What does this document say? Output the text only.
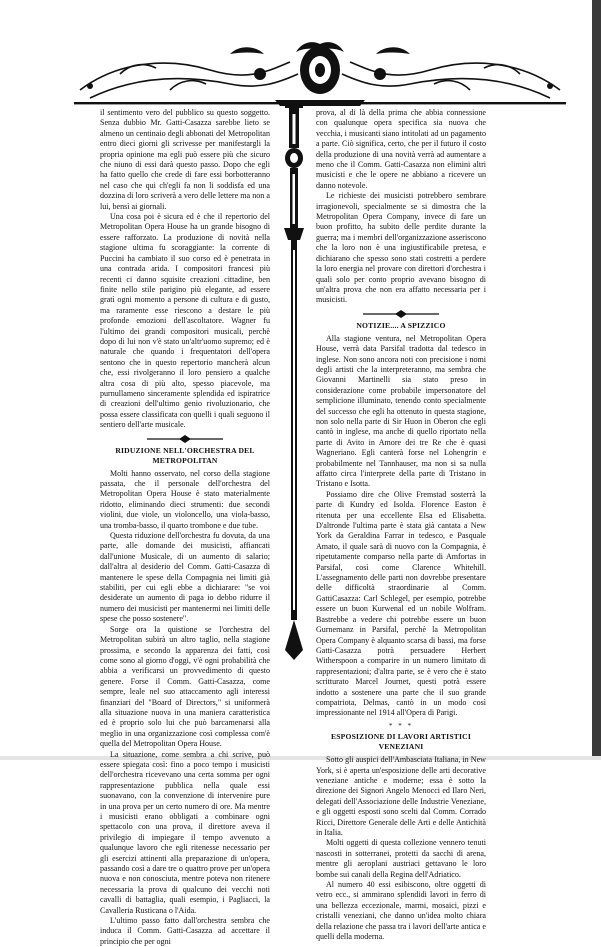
il sentimento vero del pubblico su questo soggetto. Senza dubbio Mr. Gatti-Casazza sarebbe lieto se almeno un centinaio degli abbonati del Metropolitan entro dieci giorni gli scrivesse per manifestargli la propria opinione ma egli può essere più che sicuro che niuno di essi darà questo passo. Dopo che egli ha fatto quello che crede di fare essi borbotteranno nel caso che qui ch'egli fa non li soddisfa ed una dozzina di loro scriverà a vero delle lettere ma non a lui, bensì ai giornali.

Una cosa poi è sicura ed è che il repertorio del Metropolitan Opera House ha un grande bisogno di essere rafforzato. La produzione di novità nella stagione ultima fu scoraggiante: la corrente di Puccini ha cambiato il suo corso ed è penetrata in una contrada arida. I compositori francesi più recenti ci danno squisite creazioni cittadine, ben finite nello stile parigino più elegante, ad essere gratì ogni momento a persone di cultura e di gusto, ma raramente esse riescono a destare le più profonde emozioni dell'ascoltatore. Wagner fu l'ultimo dei grandi compositori musicali, perchè dopo di lui non v'è stato un'altr'uomo supremo; ed è naturale che quando i frequentatori dell'opera sentono che in questo repertorio mancherà alcun che, essi rivolgeranno il loro pensiero a qualche altra cosa di più alto, spesso piacevole, ma purnullameno sinceramente splendida ed ispiratrice di creazioni dell'ultimo genio rivoluzionario, che possa essere classificata con quelli i quali seguono il sentiero dell'arte musicale.

RIDUZIONE NELL'ORCHESTRA DEL METROPOLITAN

Molti hanno osservato, nel corso della stagione passata, che il personale dell'orchestra del Metropolitan Opera House è stato materialmente ridotto, eliminando dieci strumenti: due secondi violini, due viole, un violoncello, una viola-basso, una tromba-basso, il quarto trombone e due tube.

Questa riduzione dell'orchestra fu dovuta, da una parte, alle domande dei musicisti, affiancati dall'unione Musicale, di un aumento di salario; dall'altra al desiderio del Comm. Gatti-Casazza di mantenere le spese della Compagnia nei limiti già stabiliti, per cui egli ebbe a dichiarare: "se voi desiderate un aumento di paga io debbo ridurre il numero dei musicisti per mantenermi nei limiti delle spese che posso sostenere".

Sorge ora la quistione se l'orchestra del Metropolitan subirà un altro taglio, nella stagione prossima, e secondo la apparenza dei fatti, così come sono al giorno d'oggi, v'è ogni probabilità che abbia a verificarsi un provvedimento di questo genere. Forse il Comm. Gatti-Casazza, come sempre, leale nel suo attaccamento agli interessi finanziari del "Board of Directors," si uniformerà alla situazione nuova in una maniera caratteristica ed è proprio solo lui che può barcamenarsi alla meglio in una organizzazione così complessa com'è quella del Metropolitan Opera House.

La situazione, come sembra a chi scrive, può essere spiegata così: fino a poco tempo i musicisti dell'orchestra ricevevano una certa somma per ogni rappresentazione pubblica nella quale essi suonavano, con la convenzione di intervenire pure in una prova per un certo numero di ore. Ma mentre i musicisti erano obbligati a combinare ogni spettacolo con una prova, il direttore aveva il privilegio di impiegare il tempo avvenuto a qualunque lavoro che egli ritenesse necessario per gli esercizi attinenti alla preparazione di un'opera, passando così a dare tre o quattro prove per un'opera nuova e non conosciuta, mentre poteva non ritenere necessaria la prova di qualcuno dei vecchi noti cavalli di battaglia, quali esempio, i Pagliacci, la Cavalleria Rusticana o l'Aida.

L'ultimo passo fatto dall'orchestra sembra che induca il Comm. Gatti-Casazza ad accettare il principio che per ogni

prova, al di là della prima che abbia connessione con qualunque opera specifica sia nuova che vecchia, i musicanti siano intitolati ad un pagamento a parte. Ciò significa, certo, che per il futuro il costo della produzione di una novità verrà ad aumentare a meno che il Comm. Gatti-Casazza non elimini altri musicisti e che le opere ne abbiano a ricevere un danno notevole.

Le richieste dei musicisti potrebbero sembrare irragionevoli, specialmente se si dimostra che la Metropolitan Opera Company, invece di fare un buon profitto, ha subito delle perdite durante la guerra; ma i membri dell'organizzazione asseriscono che la loro non è una ingiustificabile pretesa, e dichiarano che spesso sono stati costretti a perdere la loro energia nel provare con direttori d'orchestra i quali solo per conto proprio avevano bisogno di un'altra prova che non era affatto necessaria per i musicisti.

NOTIZIE.... A SPIZZICO

Alla stagione ventura, nel Metropolitan Opera House, verrà data Parsifal tradotta dal tedesco in inglese. Non sono ancora noti con precisione i nomi degli artisti che la interpreteranno, ma sembra che Giovanni Martinelli sia stato preso in considerazione come probabile impersonatore del semplicione illuminato, tenendo conto specialmente del successo che egli ha ottenuto in questa stagione, non solo nella parte di Sir Huon in Oberon che egli cantò in inglese, ma anche di quello riportato nella parte di Avito in Amore dei tre Re che è quasi Wagneriano. Egli canterà forse nel Lohengrin e probabilmente nel Tannhauser, ma non si sa nulla affatto circa l'interprete della parte di Tristano in Tristano e Isotta.

Possiamo dire che Olive Fremstad sosterrà la parte di Kundry ed Isolda. Florence Easton è ritenuta per una eccellente Elsa ed Elisabetta. D'altronde l'ultima parte è stata già cantata a New York da Geraldina Farrar in tedesco, e Pasquale Amato, il quale sarà di nuovo con la Compagnia, è ripetutamente comparso nella parte di Amfortas in Parsifal, così come Clarence Whitehill. L'assegnamento delle parti non dovrebbe presentare delle difficoltà straordinarie al Comm. GattiCasazza: Carl Schlegel, per esempio, potrebbe essere un buon Kurwenal ed un nobile Wolfram. Bastrebbe a vedere chi potrebbe essere un buon Gurnemanz in Parsifal, perchè la Metropolitan Opera Company è alquanto scarsa di bassi, ma forse Gatti-Casazza potrà persuadere Herbert Witherspoon a comparire in un numero limitato di rappresentazioni; d'altra parte, se è vero che è stato scritturato Marcel Journet, questi potrà essere indotto a sostenere una parte che il suo grande compatriota, Delmas, cantò in un modo così impressionante nel 1914 all'Opera di Parigi.

* * *
ESPOSIZIONE DI LAVORI ARTISTICI VENEZIANI

Sotto gli auspici dell'Ambasciata Italiana, in New York, si è aperta un'esposizione delle arti decorative veneziane antiche e moderne; essa è sotto la direzione dei Signori Angelo Menocci ed Ilaro Neri, delegati dell'Associazione delle Industrie Veneziane, e gli oggetti esposti sono scelti dal Comm. Corrado Ricci, Direttore Generale delle Arti e delle Antichità in Italia.

Molti oggetti di questa collezione vennero tenuti nascosti in sotterranei, protetti da sacchi di arena, mentre gli aeroplani austriaci gettavano le loro bombe sui canali della Regina dell'Adriatico.

Al numero 40 essi esibiscono, oltre oggetti di vetro ecc., si ammirano splendidi lavori in ferro di una bellezza eccezionale, marmi, mosaici, pizzi e cristalli veneziani, che danno un'idea molto chiara della relazione che passa tra i lavori dell'arte antica e quelli della moderna.
